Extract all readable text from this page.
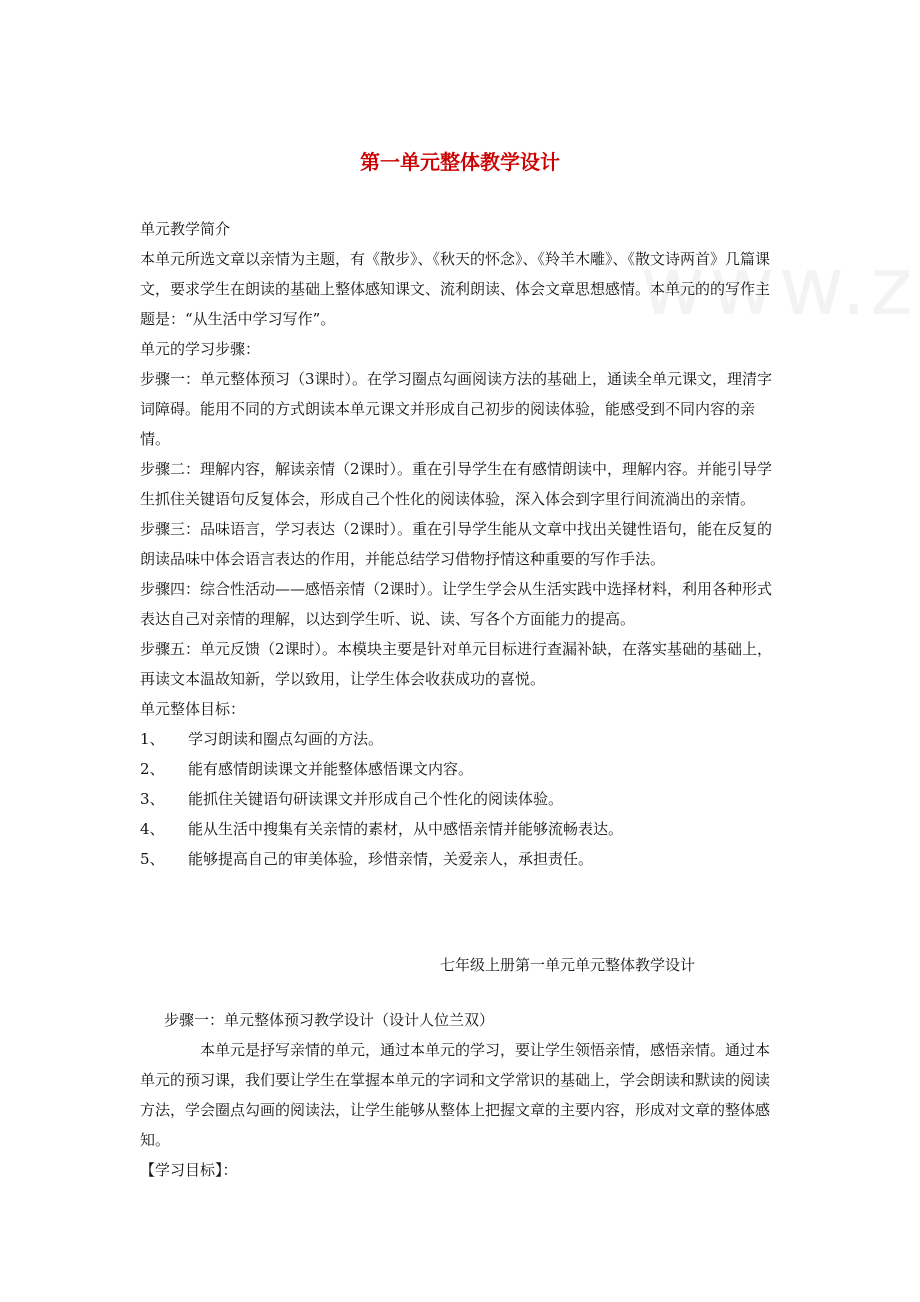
第一单元整体教学设计

单元教学简介

本单元所选文章以亲情为主题，有《散步》、《秋天的怀念》、《羚羊木雕》、《散文诗两首》几篇课文，要求学生在朗读的基础上整体感知课文、流利朗读、体会文章思想感情。本单元的的写作主题是：“从生活中学习写作”。

单元的学习步骤：

步骤一：单元整体预习（3课时）。在学习圈点勾画阅读方法的基础上，通读全单元课文，理清字词障碍。能用不同的方式朗读本单元课文并形成自己初步的阅读体验，能感受到不同内容的亲情。

步骤二：理解内容，解读亲情（2课时）。重在引导学生在有感情朗读中，理解内容。并能引导学生抓住关键语句反复体会，形成自己个性化的阅读体验，深入体会到字里行间流淌出的亲情。

步骤三：品味语言，学习表达（2课时）。重在引导学生能从文章中找出关键性语句，能在反复的朗读品味中体会语言表达的作用，并能总结学习借物抒情这种重要的写作手法。

步骤四：综合性活动——感悟亲情（2课时）。让学生学会从生活实践中选择材料，利用各种形式表达自己对亲情的理解，以达到学生听、说、读、写各个方面能力的提高。

步骤五：单元反馈（2课时）。本模块主要是针对单元目标进行查漏补缺，在落实基础的基础上，再读文本温故知新，学以致用，让学生体会收获成功的喜悦。

单元整体目标：

1、	学习朗读和圈点勾画的方法。
2、	能有感情朗读课文并能整体感悟课文内容。
3、	能抓住关键语句研读课文并形成自己个性化的阅读体验。
4、	能从生活中搜集有关亲情的素材，从中感悟亲情并能够流畅表达。
5、	能够提高自己的审美体验，珍惜亲情，关爱亲人，承担责任。
七年级上册第一单元单元整体教学设计

步骤一：单元整体预习教学设计（设计人位兰双）

本单元是抒写亲情的单元，通过本单元的学习，要让学生领悟亲情，感悟亲情。通过本单元的预习课，我们要让学生在掌握本单元的字词和文学常识的基础上，学会朗读和默读的阅读方法，学会圈点勾画的阅读法，让学生能够从整体上把握文章的主要内容，形成对文章的整体感知。

【学习目标】：
